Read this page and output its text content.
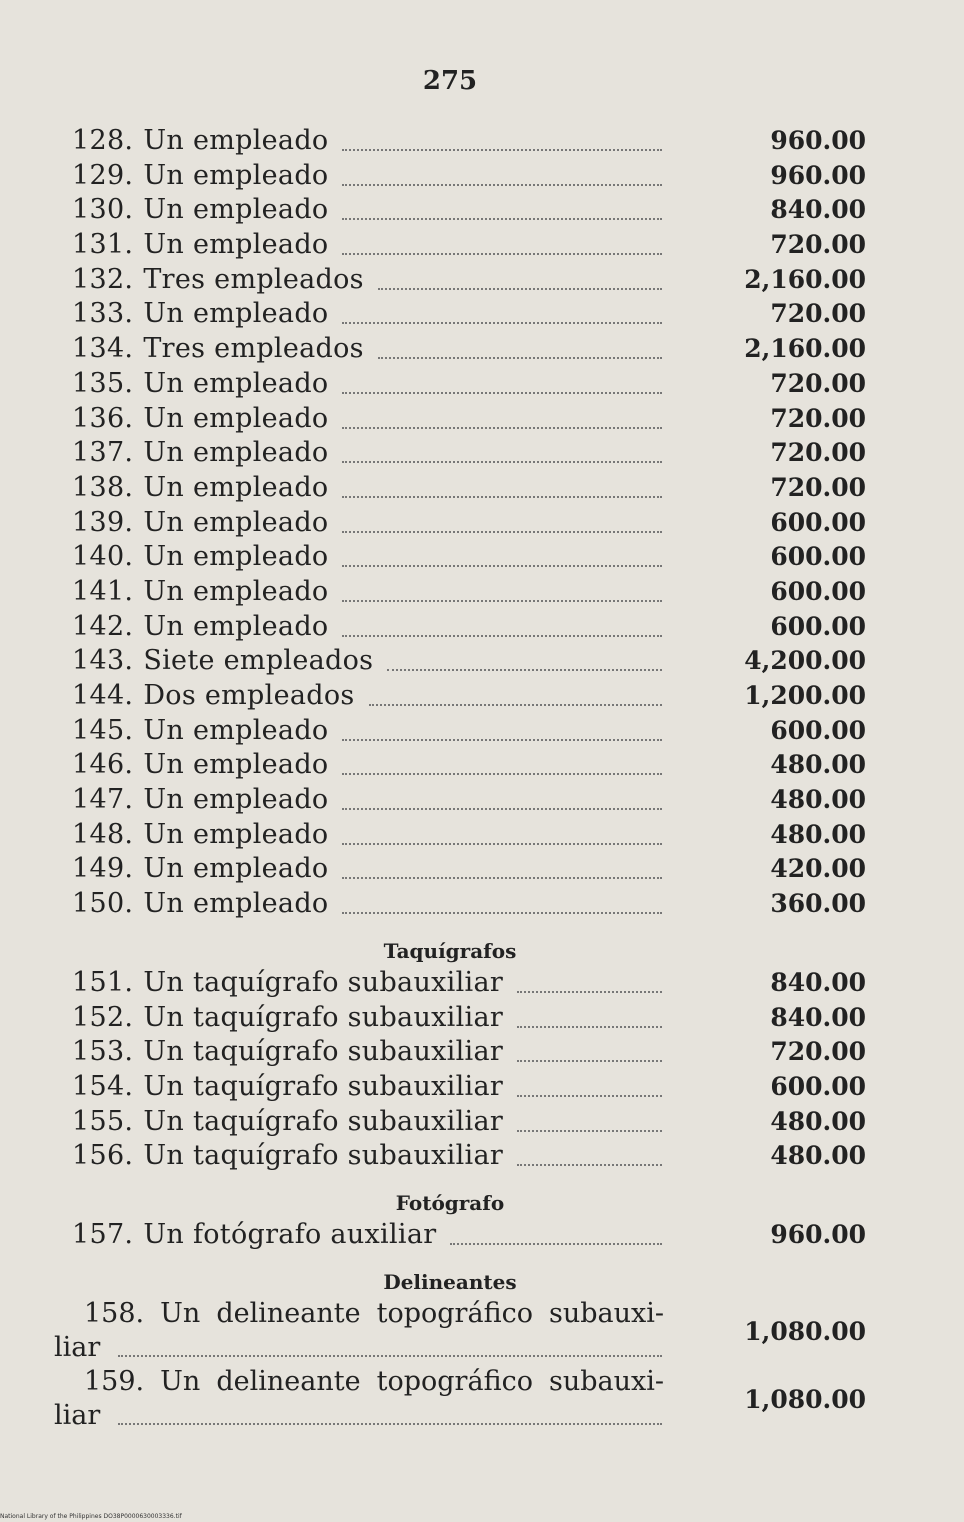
275
128. Un empleado	960.00
129. Un empleado	960.00
130. Un empleado	840.00
131. Un empleado	720.00
132. Tres empleados	2,160.00
133. Un empleado	720.00
134. Tres empleados	2,160.00
135. Un empleado	720.00
136. Un empleado	720.00
137. Un empleado	720.00
138. Un empleado	720.00
139. Un empleado	600.00
140. Un empleado	600.00
141. Un empleado	600.00
142. Un empleado	600.00
143. Siete empleados	4,200.00
144. Dos empleados	1,200.00
145. Un empleado	600.00
146. Un empleado	480.00
147. Un empleado	480.00
148. Un empleado	480.00
149. Un empleado	420.00
150. Un empleado	360.00
Taquígrafos
151. Un taquígrafo subauxiliar	840.00
152. Un taquígrafo subauxiliar	840.00
153. Un taquígrafo subauxiliar	720.00
154. Un taquígrafo subauxiliar	600.00
155. Un taquígrafo subauxiliar	480.00
156. Un taquígrafo subauxiliar	480.00
Fotógrafo
157. Un fotógrafo auxiliar	960.00
Delineantes
158. Un delineante topográfico subauxi-
liar
1,080.00
159. Un delineante topográfico subauxi-
liar
1,080.00
National Library of the Philippines DO38P0000630003336.tif
